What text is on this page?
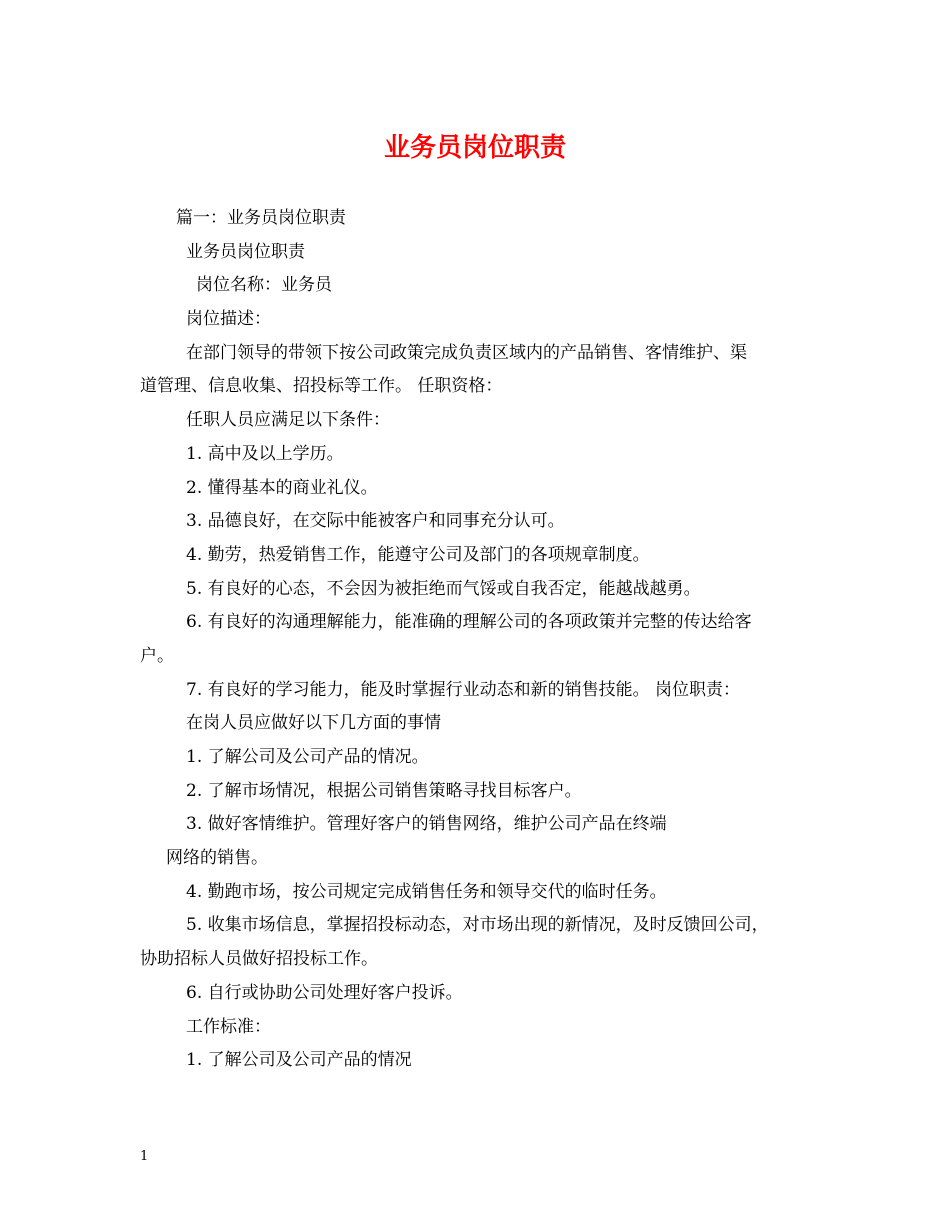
业务员岗位职责
篇一：业务员岗位职责
业务员岗位职责
岗位名称：业务员
岗位描述：
在部门领导的带领下按公司政策完成负责区域内的产品销售、客情维护、渠
道管理、信息收集、招投标等工作。 任职资格：
任职人员应满足以下条件：
1. 高中及以上学历。
2. 懂得基本的商业礼仪。
3. 品德良好，在交际中能被客户和同事充分认可。
4. 勤劳，热爱销售工作，能遵守公司及部门的各项规章制度。
5. 有良好的心态，不会因为被拒绝而气馁或自我否定，能越战越勇。
6. 有良好的沟通理解能力，能准确的理解公司的各项政策并完整的传达给客
户。
7. 有良好的学习能力，能及时掌握行业动态和新的销售技能。 岗位职责：
在岗人员应做好以下几方面的事情
1. 了解公司及公司产品的情况。
2. 了解市场情况，根据公司销售策略寻找目标客户。
3. 做好客情维护。管理好客户的销售网络，维护公司产品在终端
网络的销售。
4. 勤跑市场，按公司规定完成销售任务和领导交代的临时任务。
5. 收集市场信息，掌握招投标动态，对市场出现的新情况，及时反馈回公司，
协助招标人员做好招投标工作。
6. 自行或协助公司处理好客户投诉。
工作标准：
1. 了解公司及公司产品的情况
1
